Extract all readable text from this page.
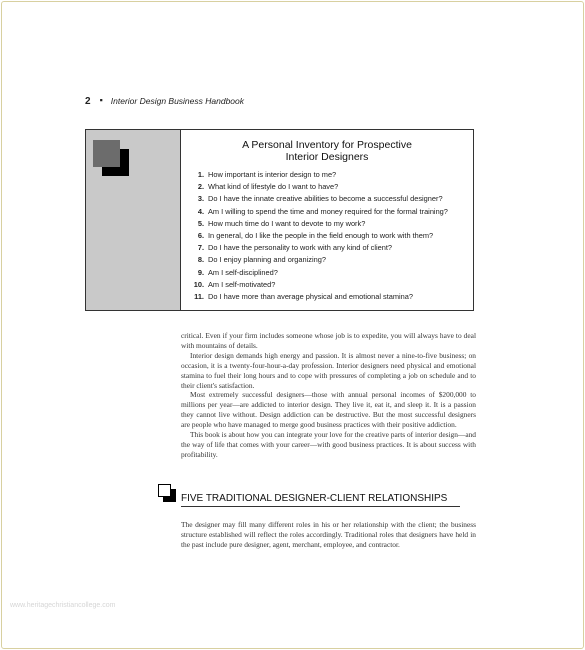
2 ▪ Interior Design Business Handbook
A Personal Inventory for Prospective
Interior Designers
1. How important is interior design to me?
2. What kind of lifestyle do I want to have?
3. Do I have the innate creative abilities to become a successful designer?
4. Am I willing to spend the time and money required for the formal training?
5. How much time do I want to devote to my work?
6. In general, do I like the people in the field enough to work with them?
7. Do I have the personality to work with any kind of client?
8. Do I enjoy planning and organizing?
9. Am I self-disciplined?
10. Am I self-motivated?
11. Do I have more than average physical and emotional stamina?

critical. Even if your firm includes someone whose job is to expedite, you will always have to deal with mountains of details.

Interior design demands high energy and passion. It is almost never a nine-to-five business; on occasion, it is a twenty-four-hour-a-day profession. Interior designers need physical and emotional stamina to fuel their long hours and to cope with pressures of completing a job on schedule and to their client's satisfaction.

Most extremely successful designers—those with annual personal incomes of $200,000 to millions per year—are addicted to interior design. They live it, eat it, and sleep it. It is a passion they cannot live without. Design addiction can be destructive. But the most successful designers are people who have managed to merge good business practices with their positive addiction.

This book is about how you can integrate your love for the creative parts of interior design—and the way of life that comes with your career—with good business practices. It is about success with profitability.

FIVE TRADITIONAL DESIGNER-CLIENT RELATIONSHIPS

The designer may fill many different roles in his or her relationship with the client; the business structure established will reflect the roles accordingly. Traditional roles that designers have held in the past include pure designer, agent, merchant, employee, and contractor.

www.heritagechristiancollege.com
